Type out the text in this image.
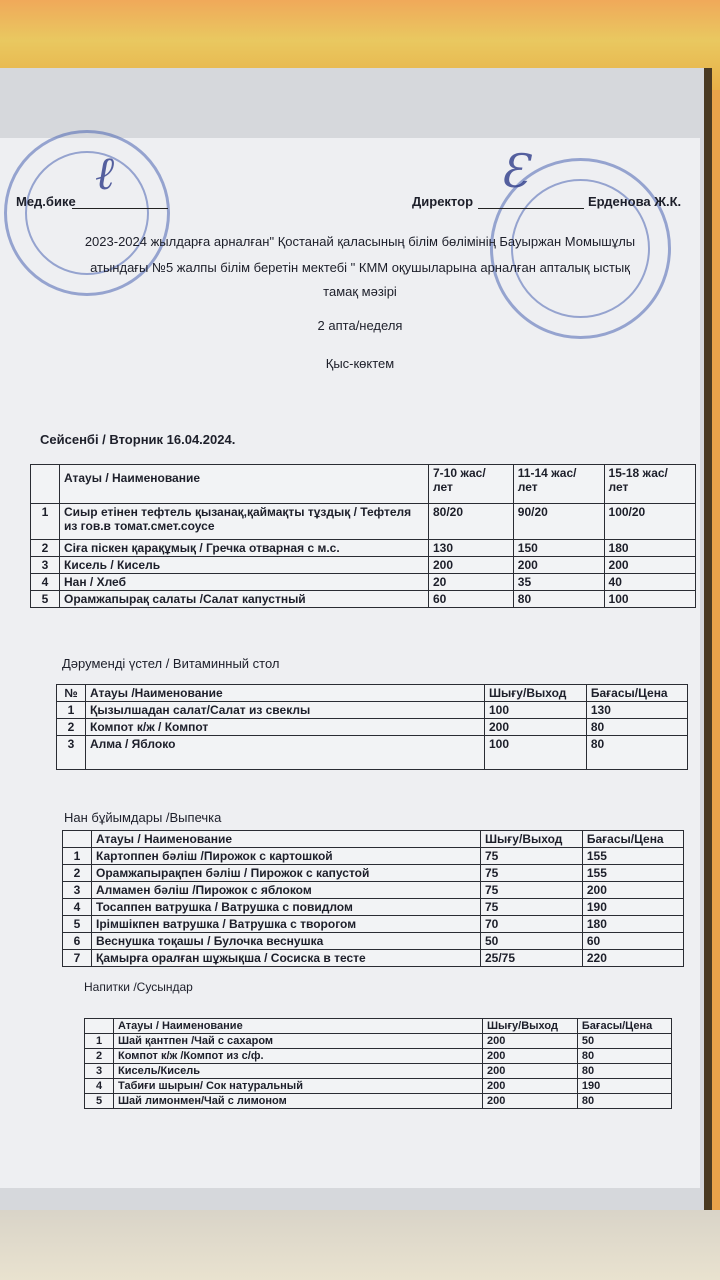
ℓ	Ɛ
Мед.бике	Директор	Ерденова Ж.К.
2023-2024 жылдарға арналған" Қостанай қаласының білім бөлімінің Бауыржан Момышұлы
атындағы №5 жалпы білім беретін мектебі " КММ оқушыларына арналған апталық ыстық
тамақ мәзірі
2 апта/неделя
Қыс-көктем
Сейсенбі / Вторник 16.04.2024.
	Атауы / Наименование	7-10 жас/ лет	11-14 жас/ лет	15-18 жас/ лет
1	Сиыр етінен тефтель қызанақ,қаймақты тұздық / Тефтеля из гов.в томат.смет.соусе	80/20	90/20	100/20
2	Сіға піскен қарақұмық / Гречка отварная с м.с.	130	150	180
3	Кисель / Кисель	200	200	200
4	Нан / Хлеб	20	35	40
5	Орамжапырақ салаты /Салат капустный	60	80	100
Дәруменді үстел / Витаминный стол
№	Атауы /Наименование	Шығу/Выход	Бағасы/Цена
1	Қызылшадан салат/Салат из свеклы	100	130
2	Компот к/ж / Компот	200	80
3	Алма / Яблоко	100	80
Нан бұйымдары /Выпечка
	Атауы / Наименование	Шығу/Выход	Бағасы/Цена
1	Картоппен бәліш /Пирожок с картошкой	75	155
2	Орамжапырақпен бәліш / Пирожок с капустой	75	155
3	Алмамен бәліш /Пирожок с яблоком	75	200
4	Тосаппен ватрушка / Ватрушка с повидлом	75	190
5	Ірімшікпен ватрушка / Ватрушка с творогом	70	180
6	Веснушка тоқашы / Булочка веснушка	50	60
7	Қамырға оралған шұжықша / Сосиска в тесте	25/75	220
Напитки /Сусындар
	Атауы / Наименование	Шығу/Выход	Бағасы/Цена
1	Шай қантпен /Чай с сахаром	200	50
2	Компот к/ж /Компот из с/ф.	200	80
3	Кисель/Кисель	200	80
4	Табиғи шырын/ Сок натуральный	200	190
5	Шай лимонмен/Чай с лимоном	200	80
